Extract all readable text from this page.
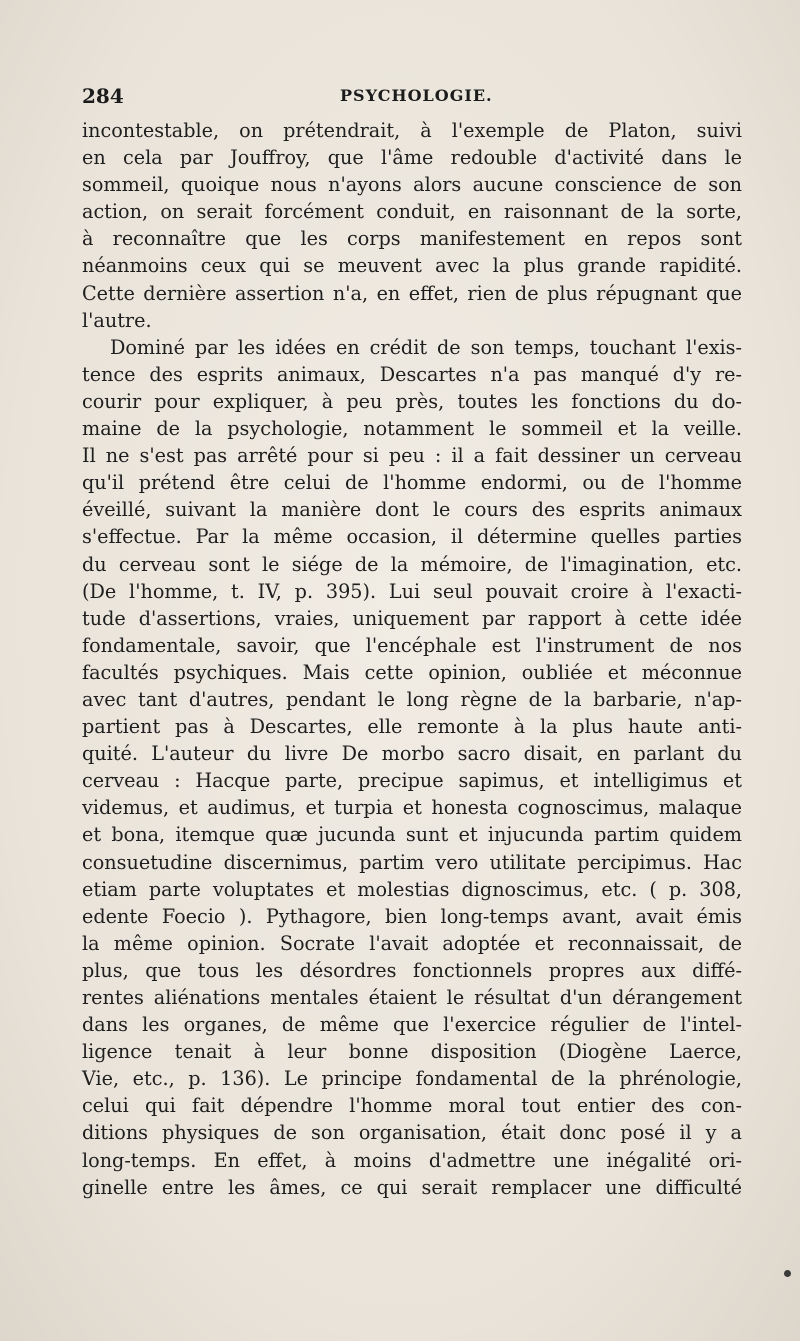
284	PSYCHOLOGIE.
incontestable, on prétendrait, à l'exemple de Platon, suivi
en cela par Jouffroy, que l'âme redouble d'activité dans le
sommeil, quoique nous n'ayons alors aucune conscience de son
action, on serait forcément conduit, en raisonnant de la sorte,
à reconnaître que les corps manifestement en repos sont
néanmoins ceux qui se meuvent avec la plus grande rapidité.
Cette dernière assertion n'a, en effet, rien de plus répugnant que
l'autre.
Dominé par les idées en crédit de son temps, touchant l'exis-
tence des esprits animaux, Descartes n'a pas manqué d'y re-
courir pour expliquer, à peu près, toutes les fonctions du do-
maine de la psychologie, notamment le sommeil et la veille.
Il ne s'est pas arrêté pour si peu : il a fait dessiner un cerveau
qu'il prétend être celui de l'homme endormi, ou de l'homme
éveillé, suivant la manière dont le cours des esprits animaux
s'effectue. Par la même occasion, il détermine quelles parties
du cerveau sont le siége de la mémoire, de l'imagination, etc.
(De l'homme, t. IV, p. 395). Lui seul pouvait croire à l'exacti-
tude d'assertions, vraies, uniquement par rapport à cette idée
fondamentale, savoir, que l'encéphale est l'instrument de nos
facultés psychiques. Mais cette opinion, oubliée et méconnue
avec tant d'autres, pendant le long règne de la barbarie, n'ap-
partient pas à Descartes, elle remonte à la plus haute anti-
quité. L'auteur du livre De morbo sacro disait, en parlant du
cerveau : Hacque parte, precipue sapimus, et intelligimus et
videmus, et audimus, et turpia et honesta cognoscimus, malaque
et bona, itemque quæ jucunda sunt et injucunda partim quidem
consuetudine discernimus, partim vero utilitate percipimus. Hac
etiam parte voluptates et molestias dignoscimus, etc. ( p. 308,
edente Foecio ). Pythagore, bien long-temps avant, avait émis
la même opinion. Socrate l'avait adoptée et reconnaissait, de
plus, que tous les désordres fonctionnels propres aux diffé-
rentes aliénations mentales étaient le résultat d'un dérangement
dans les organes, de même que l'exercice régulier de l'intel-
ligence tenait à leur bonne disposition (Diogène Laerce,
Vie, etc., p. 136). Le principe fondamental de la phrénologie,
celui qui fait dépendre l'homme moral tout entier des con-
ditions physiques de son organisation, était donc posé il y a
long-temps. En effet, à moins d'admettre une inégalité ori-
ginelle entre les âmes, ce qui serait remplacer une difficulté
